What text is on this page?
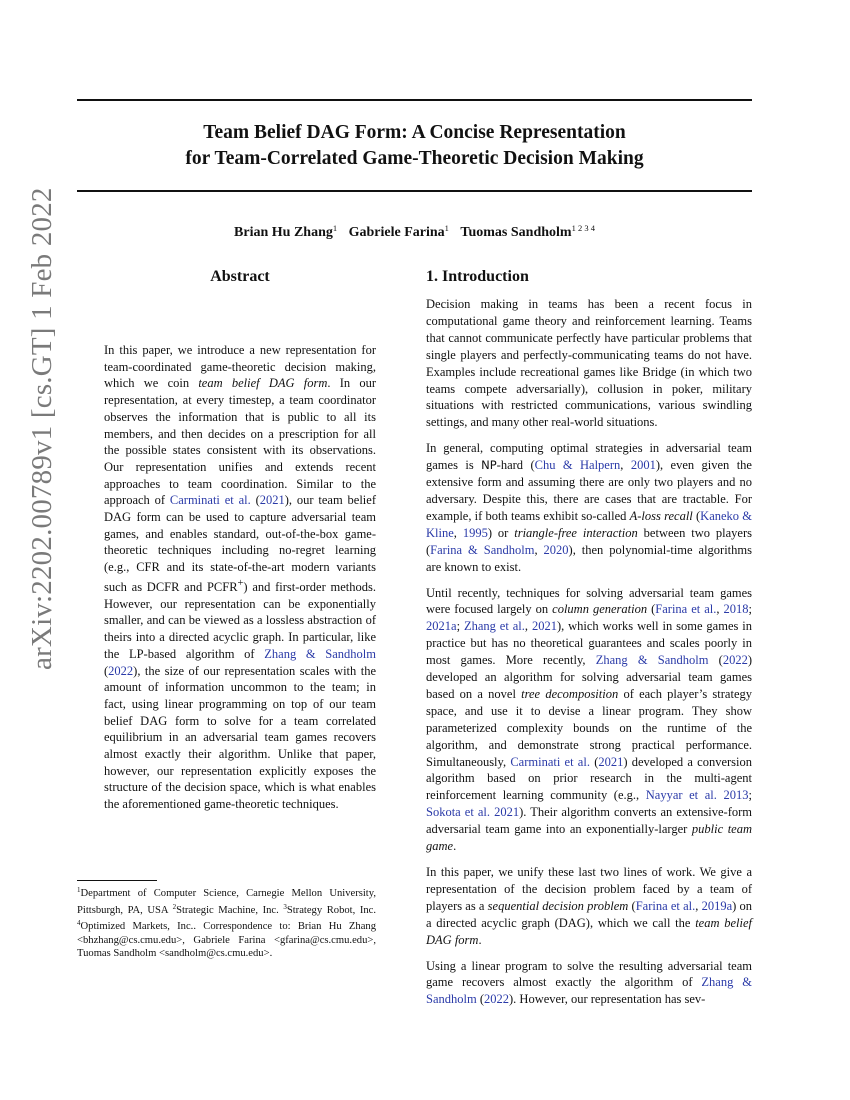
Team Belief DAG Form: A Concise Representation
for Team-Correlated Game-Theoretic Decision Making
Brian Hu Zhang$^1$ Gabriele Farina$^1$ Tuomas Sandholm$^{1 2 3 4}$
arXiv:2202.00789v1 [cs.GT] 1 Feb 2022	Abstract
In this paper, we introduce a new representation for team-coordinated game-theoretic decision making, which we coin team belief DAG form. In our representation, at every timestep, a team coordinator observes the information that is public to all its members, and then decides on a prescription for all the possible states consistent with its observations. Our representation unifies and extends recent approaches to team coordination. Similar to the approach of Carminati et al. (2021), our team belief DAG form can be used to capture adversarial team games, and enables standard, out-of-the-box game-theoretic techniques including no-regret learning (e.g., CFR and its state-of-the-art modern variants such as DCFR and PCFR+) and first-order methods. However, our representation can be exponentially smaller, and can be viewed as a lossless abstraction of theirs into a directed acyclic graph. In particular, like the LP-based algorithm of Zhang & Sandholm (2022), the size of our representation scales with the amount of information uncommon to the team; in fact, using linear programming on top of our team belief DAG form to solve for a team correlated equilibrium in an adversarial team games recovers almost exactly their algorithm. Unlike that paper, however, our representation explicitly exposes the structure of the decision space, which is what enables the aforementioned game-theoretic techniques.
$^1$Department of Computer Science, Carnegie Mellon University, Pittsburgh, PA, USA $^2$Strategic Machine, Inc. $^3$Strategy Robot, Inc. $^4$Optimized Markets, Inc.. Correspondence to: Brian Hu Zhang <bhzhang@cs.cmu.edu>, Gabriele Farina <gfarina@cs.cmu.edu>, Tuomas Sandholm <sandholm@cs.cmu.edu>.
1. Introduction

Decision making in teams has been a recent focus in computational game theory and reinforcement learning. Teams that cannot communicate perfectly have particular problems that single players and perfectly-communicating teams do not have. Examples include recreational games like Bridge (in which two teams compete adversarially), collusion in poker, military situations with restricted communications, various swindling settings, and many other real-world situations.

In general, computing optimal strategies in adversarial team games is NP-hard (Chu & Halpern, 2001), even given the extensive form and assuming there are only two players and no adversary. Despite this, there are cases that are tractable. For example, if both teams exhibit so-called A-loss recall (Kaneko & Kline, 1995) or triangle-free interaction between two players (Farina & Sandholm, 2020), then polynomial-time algorithms are known to exist.

Until recently, techniques for solving adversarial team games were focused largely on column generation (Farina et al., 2018; 2021a; Zhang et al., 2021), which works well in some games in practice but has no theoretical guarantees and scales poorly in most games. More recently, Zhang & Sandholm (2022) developed an algorithm for solving adversarial team games based on a novel tree decomposition of each player’s strategy space, and use it to devise a linear program. They show parameterized complexity bounds on the runtime of the algorithm, and demonstrate strong practical performance. Simultaneously, Carminati et al. (2021) developed a conversion algorithm based on prior research in the multi-agent reinforcement learning community (e.g., Nayyar et al. 2013; Sokota et al. 2021). Their algorithm converts an extensive-form adversarial team game into an exponentially-larger public team game.

In this paper, we unify these last two lines of work. We give a representation of the decision problem faced by a team of players as a sequential decision problem (Farina et al., 2019a) on a directed acyclic graph (DAG), which we call the team belief DAG form.

Using a linear program to solve the resulting adversarial team game recovers almost exactly the algorithm of Zhang & Sandholm (2022). However, our representation has sev-
